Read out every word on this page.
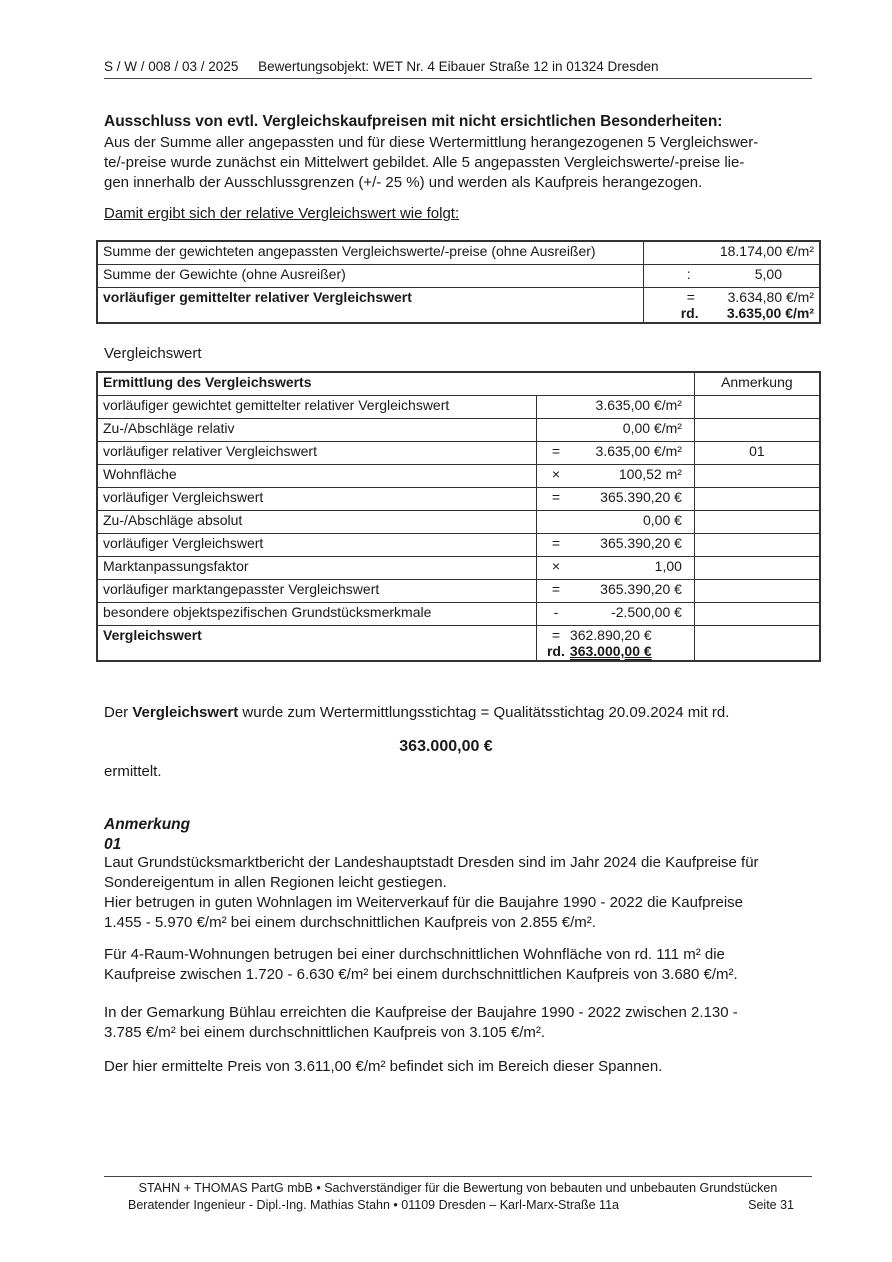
S / W / 008 / 03 / 2025 Bewertungsobjekt: WET Nr. 4 Eibauer Straße 12 in 01324 Dresden
Ausschluss von evtl. Vergleichskaufpreisen mit nicht ersichtlichen Besonderheiten:
Aus der Summe aller angepassten und für diese Wertermittlung herangezogenen 5 Vergleichswer-
te/-preise wurde zunächst ein Mittelwert gebildet. Alle 5 angepassten Vergleichswerte/-preise lie-
gen innerhalb der Ausschlussgrenzen (+/- 25 %) und werden als Kaufpreis herangezogen.
Damit ergibt sich der relative Vergleichswert wie folgt:
Summe der gewichteten angepassten Vergleichswerte/-preise (ohne Ausreißer)	18.174,00 €/m²
Summe der Gewichte (ohne Ausreißer)	: 5,00

vorläufiger gemittelter relativer Vergleichswert	= 3.634,80 €/m²
rd. 3.635,00 €/m²
Vergleichswert
Ermittlung des Vergleichswerts		Anmerkung
vorläufiger gewichtet gemittelter relativer Vergleichswert	3.635,00 €/m²	
Zu-/Abschläge relativ	0,00 €/m²	
vorläufiger relativer Vergleichswert	= 3.635,00 €/m²	01
Wohnfläche	× 100,52 m²	
vorläufiger Vergleichswert	= 365.390,20 €	
Zu-/Abschläge absolut	0,00 €	
vorläufiger Vergleichswert	= 365.390,20 €	
Marktanpassungsfaktor	× 1,00	
vorläufiger marktangepasster Vergleichswert	= 365.390,20 €	
besondere objektspezifischen Grundstücksmerkmale	- -2.500,00 €	
Vergleichswert	= 362.890,20 €
rd. 363.000,00 €	

Der Vergleichswert wurde zum Wertermittlungsstichtag = Qualitätsstichtag 20.09.2024 mit rd.
363.000,00 €
ermittelt.
Anmerkung
01
Laut Grundstücksmarktbericht der Landeshauptstadt Dresden sind im Jahr 2024 die Kaufpreise für
Sondereigentum in allen Regionen leicht gestiegen.
Hier betrugen in guten Wohnlagen im Weiterverkauf für die Baujahre 1990 - 2022 die Kaufpreise
1.455 - 5.970 €/m² bei einem durchschnittlichen Kaufpreis von 2.855 €/m².
Für 4-Raum-Wohnungen betrugen bei einer durchschnittlichen Wohnfläche von rd. 111 m² die
Kaufpreise zwischen 1.720 - 6.630 €/m² bei einem durchschnittlichen Kaufpreis von 3.680 €/m².
In der Gemarkung Bühlau erreichten die Kaufpreise der Baujahre 1990 - 2022 zwischen 2.130 -
3.785 €/m² bei einem durchschnittlichen Kaufpreis von 3.105 €/m².
Der hier ermittelte Preis von 3.611,00 €/m² befindet sich im Bereich dieser Spannen.
STAHN + THOMAS PartG mbB • Sachverständiger für die Bewertung von bebauten und unbebauten Grundstücken
Beratender Ingenieur - Dipl.-Ing. Mathias Stahn • 01109 Dresden – Karl-Marx-Straße 11a	Seite 31
